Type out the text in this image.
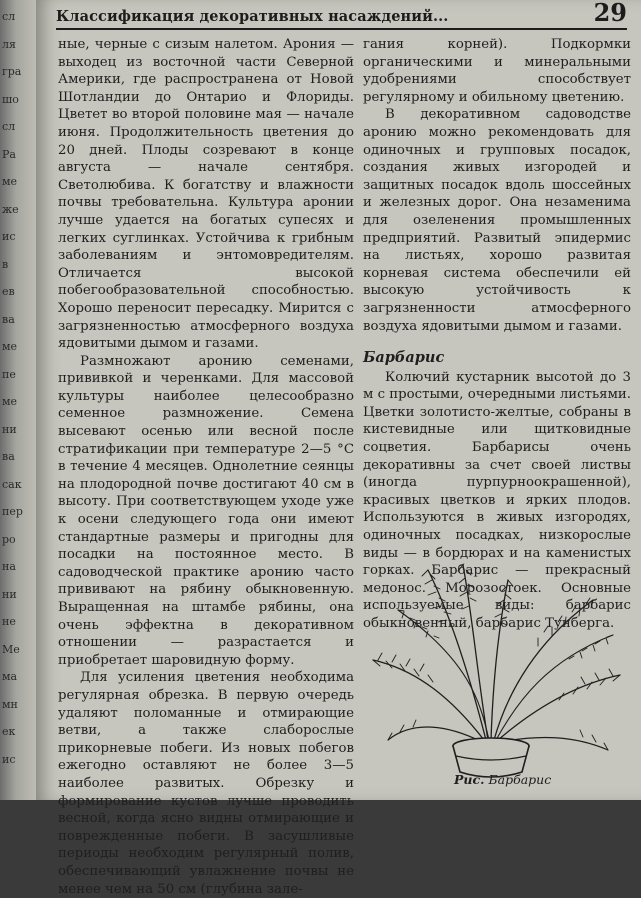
сл
ля
гра
шо
сл
Ра
ме
же
ис
в
ев
ва
ме
пе
ме
ни
ва
сак
пер
ро
на
ни
не
Ме
ма
мн
ек
ис
Классификация декоративных насаждений...	29

ные, черные с сизым налетом. Арония — выходец из восточной части Северной Америки, где распространена от Новой Шотландии до Онтарио и Флориды. Цветет во второй половине мая — начале июня. Продолжительность цветения до 20 дней. Плоды созревают в конце августа — начале сентября. Светолюбива. К богатству и влажности почвы требовательна. Культура аронии лучше удается на богатых супесях и легких суглинках. Устойчива к грибным заболеваниям и энтомовредителям. Отличается высокой побегообразовательной способностью. Хорошо переносит пересадку. Мирится с загрязненностью атмосферного воздуха ядовитыми дымом и газами.

Размножают аронию семенами, прививкой и черенками. Для массовой культуры наиболее целесообразно семенное размножение. Семена высевают осенью или весной после стратификации при температуре 2—5 °С в течение 4 месяцев. Однолетние сеянцы на плодородной почве достигают 40 см в высоту. При соответствующем уходе уже к осени следующего года они имеют стандартные размеры и пригодны для посадки на постоянное место. В садоводческой практике аронию часто прививают на рябину обыкновенную. Выращенная на штамбе рябины, она очень эффектна в декоративном отношении — разрастается и приобретает шаровидную форму.

Для усиления цветения необходима регулярная обрезка. В первую очередь удаляют поломанные и отмирающие ветви, а также слаборослые прикорневые побеги. Из новых побегов ежегодно оставляют не более 3—5 наиболее развитых. Обрезку и формирование кустов лучше проводить весной, когда ясно видны отмирающие и поврежденные побеги. В засушливые периоды необходим регулярный полив, обеспечивающий увлажнение почвы не менее чем на 50 см (глубина зале-

гания корней). Подкормки органическими и минеральными удобрениями способствует регулярному и обильному цветению.

В декоративном садоводстве аронию можно рекомендовать для одиночных и групповых посадок, создания живых изгородей и защитных посадок вдоль шоссейных и железных дорог. Она незаменима для озеленения промышленных предприятий. Развитый эпидермис на листьях, хорошо развитая корневая система обеспечили ей высокую устойчивость к загрязненности атмосферного воздуха ядовитыми дымом и газами.

Барбарис

Колючий кустарник высотой до 3 м с простыми, очередными листьями. Цветки золотисто-желтые, собраны в кистевидные или щитковидные соцветия. Барбарисы очень декоративны за счет своей листвы (иногда пурпурноокрашенной), красивых цветков и ярких плодов. Используются в живых изгородях, одиночных посадках, низкорослые виды — в бордюрах и на каменистых горках. Барбарис — прекрасный медонос. Морозостоек. Основные используемые виды: барбарис обыкновенный, барбарис Тунберга.

Рис. Барбарис
